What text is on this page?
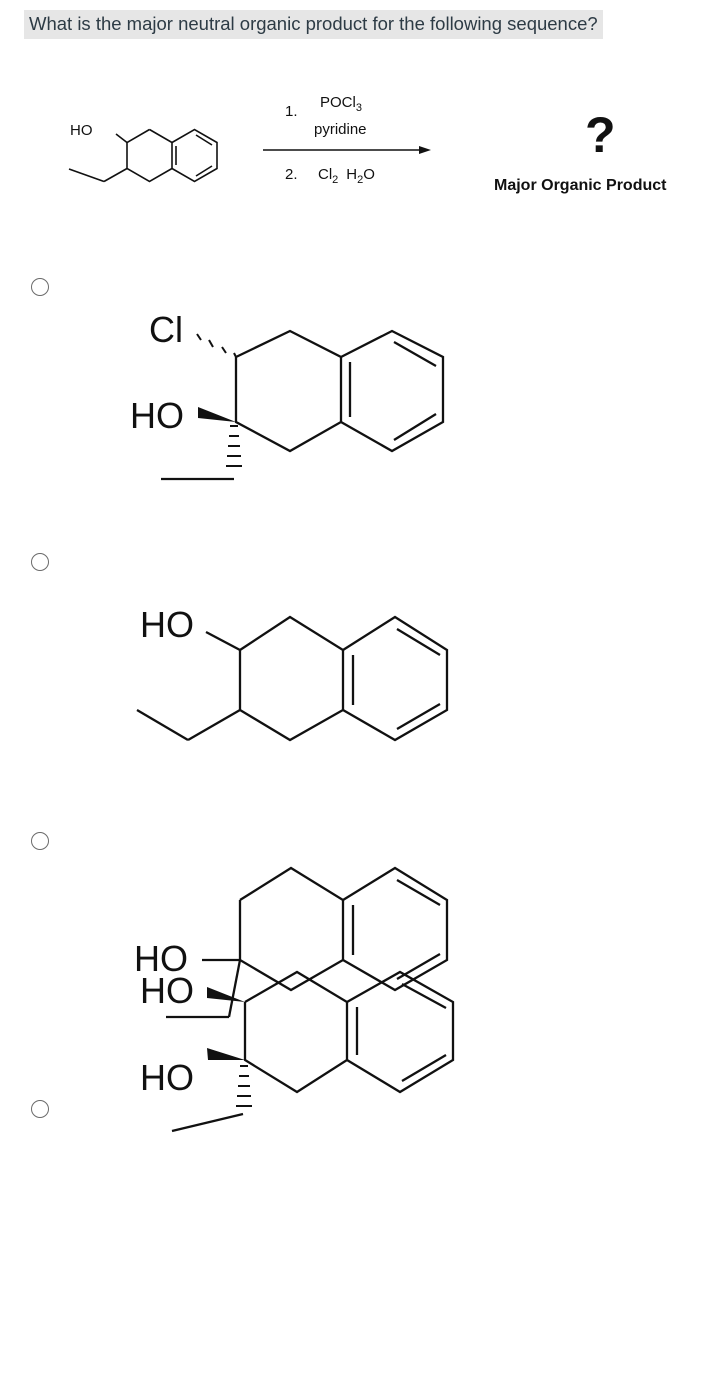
What is the major neutral organic product for the following sequence?
HO
1.
POCl$_3$
pyridine
2. $Cl_2$ $H_2O$
?
Major Organic Product
Cl
HO
HO
HO
HO
HO
